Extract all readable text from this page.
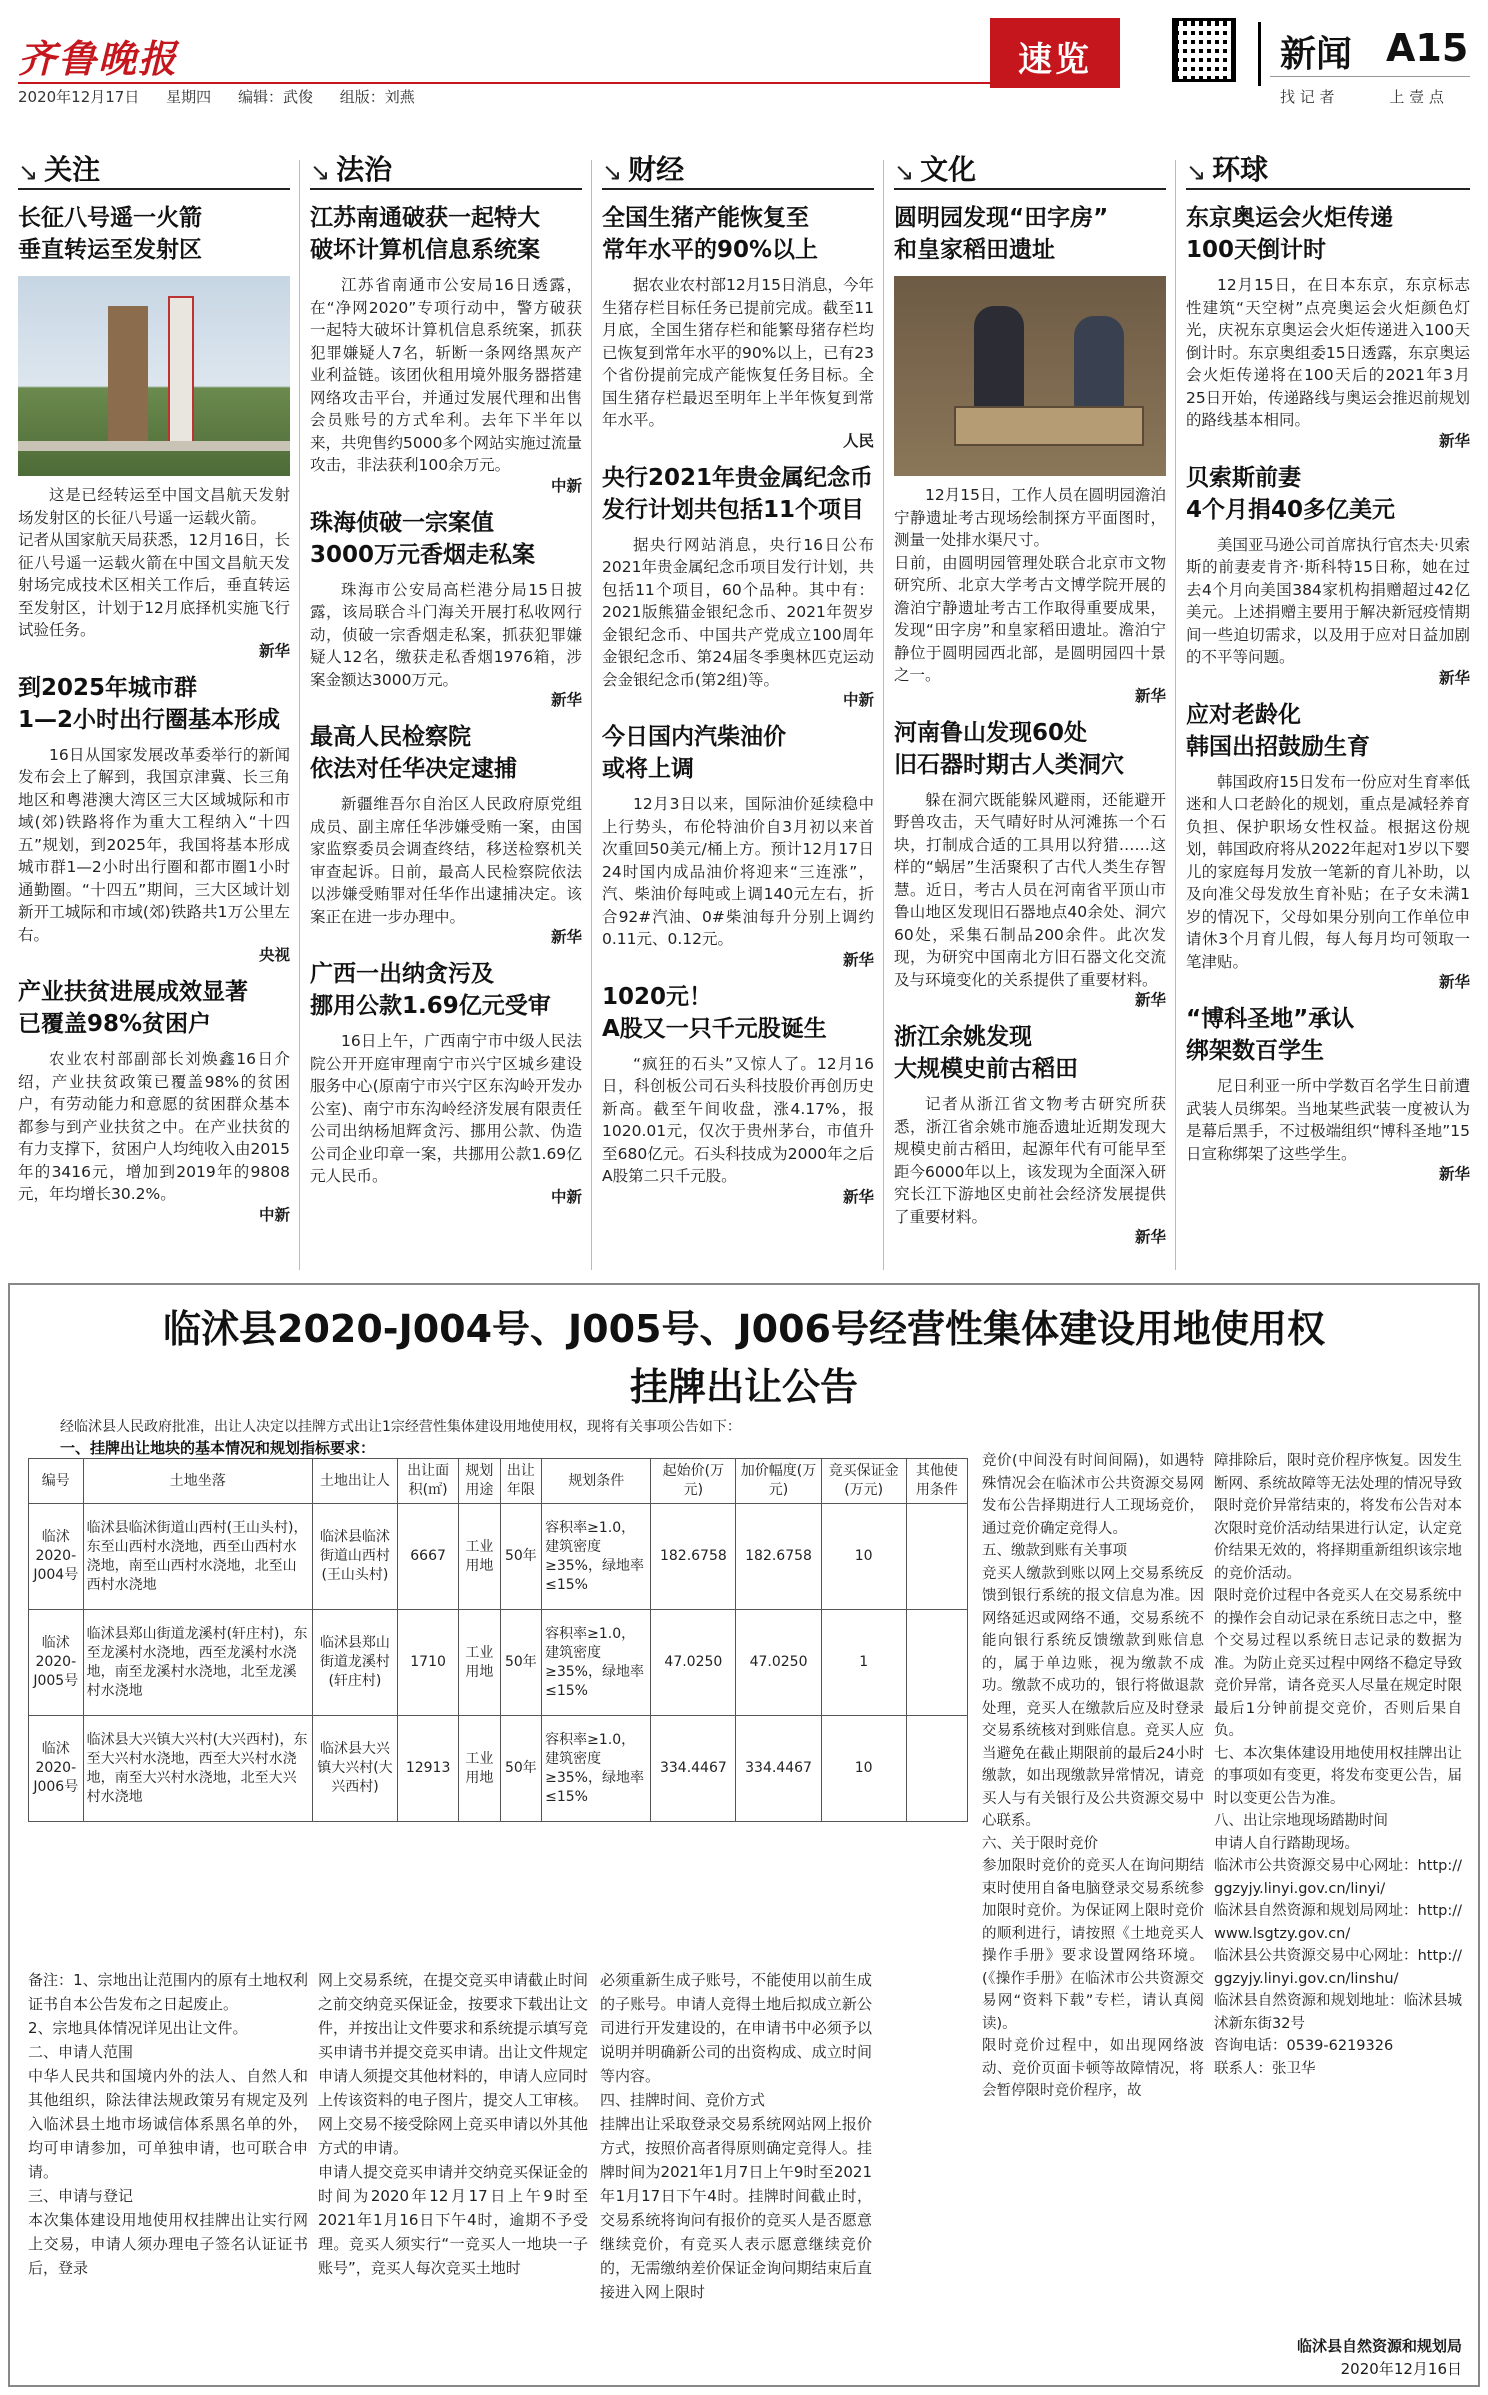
齐鲁晚报
2020年12月17日 星期四 编辑：武俊 组版：刘燕
速览	新闻 A15
找 记 者	上 壹 点
↘ 关注
长征八号遥一火箭
垂直转运至发射区
这是已经转运至中国文昌航天发射场发射区的长征八号遥一运载火箭。
记者从国家航天局获悉，12月16日，长征八号遥一运载火箭在中国文昌航天发射场完成技术区相关工作后，垂直转运至发射区，计划于12月底择机实施飞行试验任务。
新华
到2025年城市群
1—2小时出行圈基本形成
16日从国家发展改革委举行的新闻发布会上了解到，我国京津冀、长三角地区和粤港澳大湾区三大区域城际和市域(郊)铁路将作为重大工程纳入“十四五”规划，到2025年，我国将基本形成城市群1—2小时出行圈和都市圈1小时通勤圈。“十四五”期间，三大区域计划新开工城际和市域(郊)铁路共1万公里左右。
央视
产业扶贫进展成效显著
已覆盖98%贫困户
农业农村部副部长刘焕鑫16日介绍，产业扶贫政策已覆盖98%的贫困户，有劳动能力和意愿的贫困群众基本都参与到产业扶贫之中。在产业扶贫的有力支撑下，贫困户人均纯收入由2015年的3416元，增加到2019年的9808元，年均增长30.2%。
中新
↘ 法治
江苏南通破获一起特大
破坏计算机信息系统案
江苏省南通市公安局16日透露，在“净网2020”专项行动中，警方破获一起特大破坏计算机信息系统案，抓获犯罪嫌疑人7名，斩断一条网络黑灰产业利益链。该团伙租用境外服务器搭建网络攻击平台，并通过发展代理和出售会员账号的方式牟利。去年下半年以来，共兜售约5000多个网站实施过流量攻击，非法获利100余万元。
中新
珠海侦破一宗案值
3000万元香烟走私案
珠海市公安局高栏港分局15日披露，该局联合斗门海关开展打私收网行动，侦破一宗香烟走私案，抓获犯罪嫌疑人12名，缴获走私香烟1976箱，涉案金额达3000万元。
新华
最高人民检察院
依法对任华决定逮捕
新疆维吾尔自治区人民政府原党组成员、副主席任华涉嫌受贿一案，由国家监察委员会调查终结，移送检察机关审查起诉。日前，最高人民检察院依法以涉嫌受贿罪对任华作出逮捕决定。该案正在进一步办理中。
新华
广西一出纳贪污及
挪用公款1.69亿元受审
16日上午，广西南宁市中级人民法院公开开庭审理南宁市兴宁区城乡建设服务中心(原南宁市兴宁区东沟岭开发办公室)、南宁市东沟岭经济发展有限责任公司出纳杨旭辉贪污、挪用公款、伪造公司企业印章一案，共挪用公款1.69亿元人民币。
中新
↘ 财经
全国生猪产能恢复至
常年水平的90%以上
据农业农村部12月15日消息，今年生猪存栏目标任务已提前完成。截至11月底，全国生猪存栏和能繁母猪存栏均已恢复到常年水平的90%以上，已有23个省份提前完成产能恢复任务目标。全国生猪存栏最迟至明年上半年恢复到常年水平。
人民
央行2021年贵金属纪念币
发行计划共包括11个项目
据央行网站消息，央行16日公布2021年贵金属纪念币项目发行计划，共包括11个项目，60个品种。其中有：2021版熊猫金银纪念币、2021年贺岁金银纪念币、中国共产党成立100周年金银纪念币、第24届冬季奥林匹克运动会金银纪念币(第2组)等。
中新
今日国内汽柴油价
或将上调
12月3日以来，国际油价延续稳中上行势头，布伦特油价自3月初以来首次重回50美元/桶上方。预计12月17日24时国内成品油价将迎来“三连涨”，汽、柴油价每吨或上调140元左右，折合92#汽油、0#柴油每升分别上调约0.11元、0.12元。
新华
1020元！
A股又一只千元股诞生
“疯狂的石头”又惊人了。12月16日，科创板公司石头科技股价再创历史新高。截至午间收盘，涨4.17%，报1020.01元，仅次于贵州茅台，市值升至680亿元。石头科技成为2000年之后A股第二只千元股。
新华
↘ 文化
圆明园发现“田字房”
和皇家稻田遗址
12月15日，工作人员在圆明园澹泊宁静遗址考古现场绘制探方平面图时，测量一处排水渠尺寸。
日前，由圆明园管理处联合北京市文物研究所、北京大学考古文博学院开展的澹泊宁静遗址考古工作取得重要成果，发现“田字房”和皇家稻田遗址。澹泊宁静位于圆明园西北部，是圆明园四十景之一。
新华
河南鲁山发现60处
旧石器时期古人类洞穴
躲在洞穴既能躲风避雨，还能避开野兽攻击，天气晴好时从河滩拣一个石块，打制成合适的工具用以狩猎……这样的“蜗居”生活聚积了古代人类生存智慧。近日，考古人员在河南省平顶山市鲁山地区发现旧石器地点40余处、洞穴60处，采集石制品200余件。此次发现，为研究中国南北方旧石器文化交流及与环境变化的关系提供了重要材料。
新华
浙江余姚发现
大规模史前古稻田
记者从浙江省文物考古研究所获悉，浙江省余姚市施岙遗址近期发现大规模史前古稻田，起源年代有可能早至距今6000年以上，该发现为全面深入研究长江下游地区史前社会经济发展提供了重要材料。
新华
↘ 环球
东京奥运会火炬传递
100天倒计时
12月15日，在日本东京，东京标志性建筑“天空树”点亮奥运会火炬颜色灯光，庆祝东京奥运会火炬传递进入100天倒计时。东京奥组委15日透露，东京奥运会火炬传递将在100天后的2021年3月25日开始，传递路线与奥运会推迟前规划的路线基本相同。
新华
贝索斯前妻
4个月捐40多亿美元
美国亚马逊公司首席执行官杰夫·贝索斯的前妻麦肯齐·斯科特15日称，她在过去4个月向美国384家机构捐赠超过42亿美元。上述捐赠主要用于解决新冠疫情期间一些迫切需求，以及用于应对日益加剧的不平等问题。
新华
应对老龄化
韩国出招鼓励生育
韩国政府15日发布一份应对生育率低迷和人口老龄化的规划，重点是减轻养育负担、保护职场女性权益。根据这份规划，韩国政府将从2022年起对1岁以下婴儿的家庭每月发放一笔新的育儿补助，以及向准父母发放生育补贴；在子女未满1岁的情况下，父母如果分别向工作单位申请休3个月育儿假，每人每月均可领取一笔津贴。
新华
“博科圣地”承认
绑架数百学生
尼日利亚一所中学数百名学生日前遭武装人员绑架。当地某些武装一度被认为是幕后黑手，不过极端组织“博科圣地”15日宣称绑架了这些学生。
新华
临沭县2020-J004号、J005号、J006号经营性集体建设用地使用权
挂牌出让公告
经临沭县人民政府批准，出让人决定以挂牌方式出让1宗经营性集体建设用地使用权，现将有关事项公告如下：
一、挂牌出让地块的基本情况和规划指标要求：
编号	土地坐落	土地出让人	出让面积(㎡)	规划用途	出让年限	规划条件	起始价(万元)	加价幅度(万元)	竞买保证金(万元)	其他使用条件
临沭2020-J004号	临沭县临沭街道山西村(王山头村)，东至山西村水浇地，西至山西村水浇地，南至山西村水浇地，北至山西村水浇地	临沭县临沭街道山西村(王山头村)	6667	工业用地	50年	容积率≥1.0，建筑密度≥35%，绿地率≤15%	182.6758	182.6758	10	
临沭2020-J005号	临沭县郑山街道龙溪村(轩庄村)，东至龙溪村水浇地，西至龙溪村水浇地，南至龙溪村水浇地，北至龙溪村水浇地	临沭县郑山街道龙溪村(轩庄村)	1710	工业用地	50年	容积率≥1.0，建筑密度≥35%，绿地率≤15%	47.0250	47.0250	1	
临沭2020-J006号	临沭县大兴镇大兴村(大兴西村)，东至大兴村水浇地，西至大兴村水浇地，南至大兴村水浇地，北至大兴村水浇地	临沭县大兴镇大兴村(大兴西村)	12913	工业用地	50年	容积率≥1.0，建筑密度≥35%，绿地率≤15%	334.4467	334.4467	10	
备注：1、宗地出让范围内的原有土地权利证书自本公告发布之日起废止。
2、宗地具体情况详见出让文件。
二、申请人范围
中华人民共和国境内外的法人、自然人和其他组织，除法律法规政策另有规定及列入临沭县土地市场诚信体系黑名单的外，均可申请参加，可单独申请，也可联合申请。
三、申请与登记
本次集体建设用地使用权挂牌出让实行网上交易，申请人须办理电子签名认证证书后，登录
网上交易系统，在提交竞买申请截止时间之前交纳竞买保证金，按要求下载出让文件，并按出让文件要求和系统提示填写竞买申请书并提交竞买申请。出让文件规定申请人须提交其他材料的，申请人应同时上传该资料的电子图片，提交人工审核。网上交易不接受除网上竞买申请以外其他方式的申请。
申请人提交竞买申请并交纳竞买保证金的时间为2020年12月17日上午9时至2021年1月16日下午4时，逾期不予受理。竞买人须实行“一竞买人一地块一子账号”，竞买人每次竞买土地时
必须重新生成子账号，不能使用以前生成的子账号。申请人竞得土地后拟成立新公司进行开发建设的，在申请书中必须予以说明并明确新公司的出资构成、成立时间等内容。
四、挂牌时间、竞价方式
挂牌出让采取登录交易系统网站网上报价方式，按照价高者得原则确定竞得人。挂牌时间为2021年1月7日上午9时至2021年1月17日下午4时。挂牌时间截止时，交易系统将询问有报价的竞买人是否愿意继续竞价，有竞买人表示愿意继续竞价的，无需缴纳差价保证金询问期结束后直接进入网上限时
竞价(中间没有时间间隔)，如遇特殊情况会在临沭市公共资源交易网发布公告择期进行人工现场竞价，通过竞价确定竞得人。
五、缴款到账有关事项
竞买人缴款到账以网上交易系统反馈到银行系统的报文信息为准。因网络延迟或网络不通，交易系统不能向银行系统反馈缴款到账信息的，属于单边账，视为缴款不成功。缴款不成功的，银行将做退款处理，竞买人在缴款后应及时登录交易系统核对到账信息。竞买人应当避免在截止期限前的最后24小时缴款，如出现缴款异常情况，请竞买人与有关银行及公共资源交易中心联系。
六、关于限时竞价
参加限时竞价的竞买人在询问期结束时使用自备电脑登录交易系统参加限时竞价。为保证网上限时竞价的顺利进行，请按照《土地竞买人操作手册》要求设置网络环境。(《操作手册》在临沭市公共资源交易网“资料下载”专栏，请认真阅读)。
限时竞价过程中，如出现网络波动、竞价页面卡顿等故障情况，将会暂停限时竞价程序，故
障排除后，限时竞价程序恢复。因发生断网、系统故障等无法处理的情况导致限时竞价异常结束的，将发布公告对本次限时竞价活动结果进行认定，认定竞价结果无效的，将择期重新组织该宗地的竞价活动。
限时竞价过程中各竞买人在交易系统中的操作会自动记录在系统日志之中，整个交易过程以系统日志记录的数据为准。为防止竞买过程中网络不稳定导致竞价异常，请各竞买人尽量在规定时限最后1分钟前提交竞价，否则后果自负。
七、本次集体建设用地使用权挂牌出让的事项如有变更，将发布变更公告，届时以变更公告为准。
八、出让宗地现场踏勘时间
申请人自行踏勘现场。
临沭市公共资源交易中心网址：http://ggzyjy.linyi.gov.cn/linyi/
临沭县自然资源和规划局网址：http://www.lsgtzy.gov.cn/
临沭县公共资源交易中心网址：http://ggzyjy.linyi.gov.cn/linshu/
临沭县自然资源和规划地址：临沭县城沭新东街32号
咨询电话：0539-6219326
联系人：张卫华
临沭县自然资源和规划局
2020年12月16日
